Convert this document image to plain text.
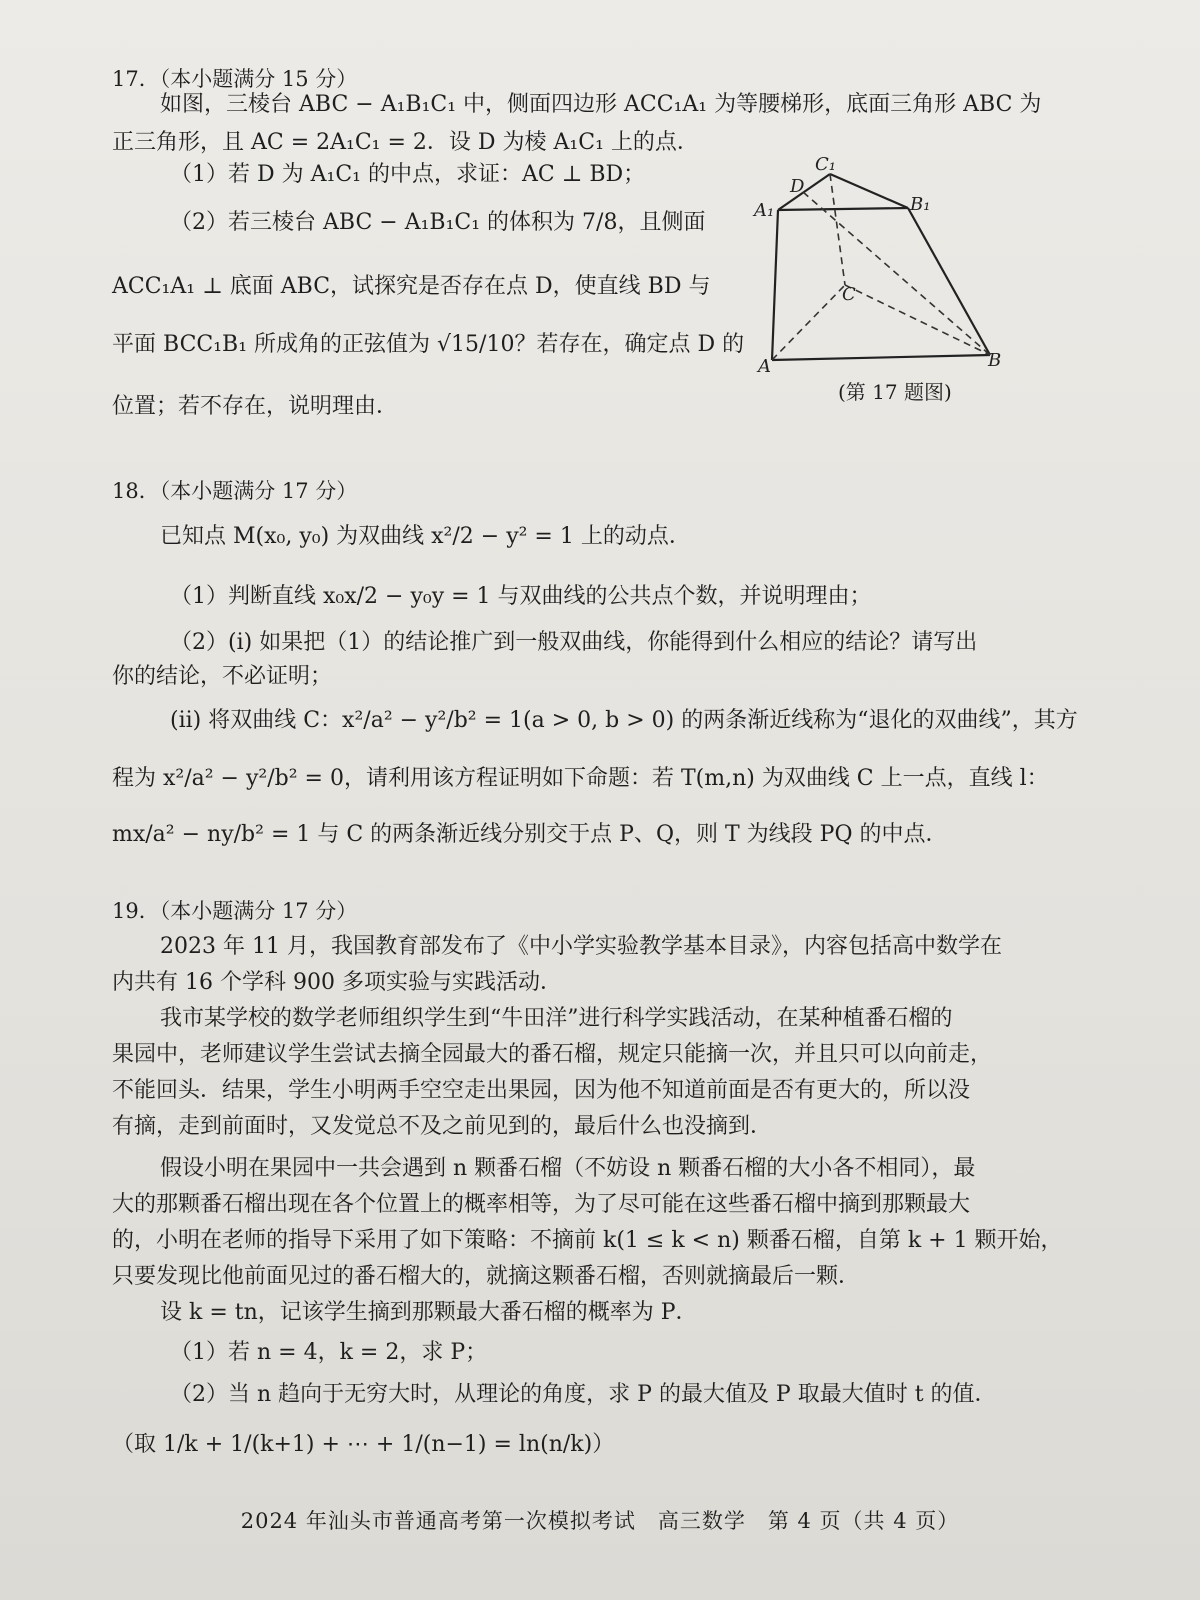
17．（本小题满分 15 分）
如图，三棱台 ABC − A₁B₁C₁ 中，侧面四边形 ACC₁A₁ 为等腰梯形，底面三角形 ABC 为
正三角形，且 AC = 2A₁C₁ = 2．设 D 为棱 A₁C₁ 上的点．
（1）若 D 为 A₁C₁ 的中点，求证：AC ⊥ BD；
（2）若三棱台 ABC − A₁B₁C₁ 的体积为 7/8，且侧面
ACC₁A₁ ⊥ 底面 ABC，试探究是否存在点 D，使直线 BD 与
平面 BCC₁B₁ 所成角的正弦值为 √15/10？若存在，确定点 D 的
位置；若不存在，说明理由．
C₁
D
A₁	B₁
C
A	B
(第 17 题图)
18．（本小题满分 17 分）
已知点 M(x₀, y₀) 为双曲线 x²/2 − y² = 1 上的动点．
（1）判断直线 x₀x/2 − y₀y = 1 与双曲线的公共点个数，并说明理由；
（2）(i) 如果把（1）的结论推广到一般双曲线，你能得到什么相应的结论？请写出
你的结论，不必证明；
(ii) 将双曲线 C：x²/a² − y²/b² = 1(a > 0, b > 0) 的两条渐近线称为“退化的双曲线”，其方
程为 x²/a² − y²/b² = 0，请利用该方程证明如下命题：若 T(m,n) 为双曲线 C 上一点，直线 l：
mx/a² − ny/b² = 1 与 C 的两条渐近线分别交于点 P、Q，则 T 为线段 PQ 的中点．
19．（本小题满分 17 分）
2023 年 11 月，我国教育部发布了《中小学实验教学基本目录》，内容包括高中数学在
内共有 16 个学科 900 多项实验与实践活动．
我市某学校的数学老师组织学生到“牛田洋”进行科学实践活动，在某种植番石榴的
果园中，老师建议学生尝试去摘全园最大的番石榴，规定只能摘一次，并且只可以向前走，
不能回头．结果，学生小明两手空空走出果园，因为他不知道前面是否有更大的，所以没
有摘，走到前面时，又发觉总不及之前见到的，最后什么也没摘到．
假设小明在果园中一共会遇到 n 颗番石榴（不妨设 n 颗番石榴的大小各不相同），最
大的那颗番石榴出现在各个位置上的概率相等，为了尽可能在这些番石榴中摘到那颗最大
的，小明在老师的指导下采用了如下策略：不摘前 k(1 ≤ k < n) 颗番石榴，自第 k + 1 颗开始，
只要发现比他前面见过的番石榴大的，就摘这颗番石榴，否则就摘最后一颗．
设 k = tn，记该学生摘到那颗最大番石榴的概率为 P．
（1）若 n = 4，k = 2，求 P；
（2）当 n 趋向于无穷大时，从理论的角度，求 P 的最大值及 P 取最大值时 t 的值．
（取 1/k + 1/(k+1) + ⋯ + 1/(n−1) = ln(n/k)）
2024 年汕头市普通高考第一次模拟考试　高三数学　第 4 页（共 4 页）
